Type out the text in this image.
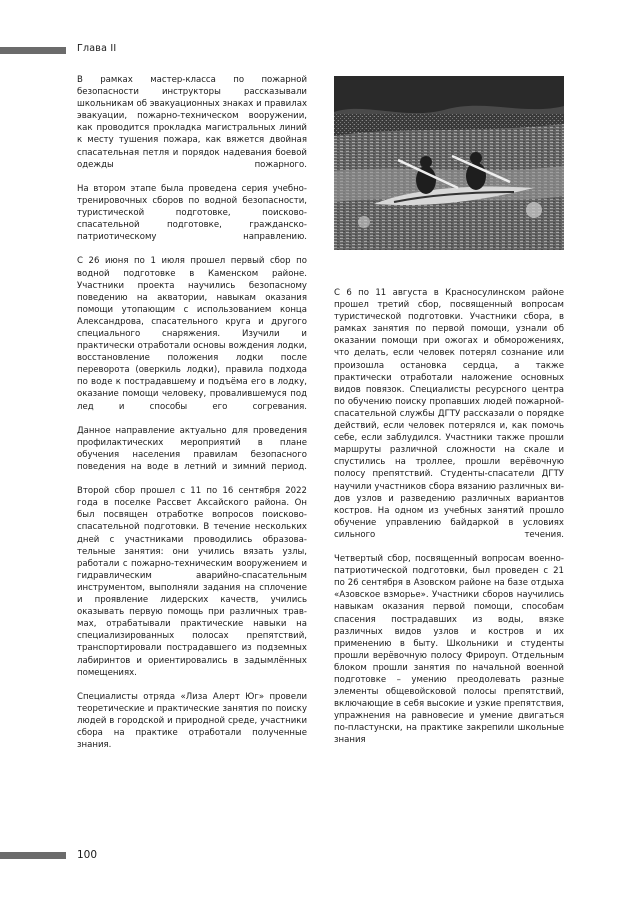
Глава II

В рамках мастер-класса по пожарной безопасности инструкторы рассказывали школьникам об эвакуационных знаках и правилах эвакуации, пожарно-техническом вооружении, как проводится прокладка магистральных линий к месту тушения пожара, как вяжется двойная спасательная петля и порядок надевания боевой одежды пожарного.

На втором этапе была проведена серия учебно-тренировочных сборов по водной безопасности, туристической подготовке, поисково-спасательной подготовке, гражданско-патриотическому направлению.

С 26 июня по 1 июля прошел первый сбор по водной подготовке в Каменском районе. Участники проекта научились безопасному поведению на акватории, навыкам оказания помощи утопающим с использованием конца Александрова, спасательного круга и другого специального снаряжения. Изучили и практически отработали основы вождения лодки, восстановление положения лодки после переворота (оверкиль лодки), правила подхода по воде к пострадавшему и подъёма его в лодку, оказание помощи человеку, провалившeмуся под лед и способы его согревания.

Данное направление актуально для проведения профилактических мероприятий в плане обучения населения правилам безопасного поведения на воде в летний и зимний период.

Второй сбор прошел с 11 по 16 сентября 2022 года в поселке Рассвет Аксайского района. Он был посвящен отработке вопросов поисково-спасательной подготовки. В течение нескольких дней с участниками проводились образовательные занятия: они учились вязать узлы, работали с пожарно-техническим вооружением и гидравлическим аварийно-спасательным инструментом, выполняли задания на сплочение и проявление лидерских качеств, учились оказывать первую помощь при различных травмах, отрабатывали практические навыки на специализированных полосах препятствий, транспортировали пострадавшего из подземных лабиринтов и ориентировались в задымлённых помещениях.

Специалисты отряда «Лиза Алерт Юг» провели теоретические и практические занятия по поиску людей в городской и природной среде, участники сбора на практике отработали полученные знания.

С 6 по 11 августа в Красносулинском районе прошел третий сбор, посвященный вопросам туристической подготовки. Участники сбора, в рамках занятия по первой помощи, узнали об оказании помощи при ожогах и обморожениях, что делать, если человек потерял сознание или произошла остановка сердца, а также практически отработали наложение основных видов повязок. Специалисты ресурсного центра по обучению поиску пропавших людей пожарной-спасательной службы ДГТУ рассказали о порядке действий, если человек потерялся и, как помочь себе, если заблудился. Участники также прошли маршруты различной сложности на скале и спустились на троллее, прошли верёвочную полосу препятствий. Студенты-спасатели ДГТУ научили участников сбора вязанию различных видов узлов и разведению различных вариантов костров. На одном из учебных занятий прошло обучение управлению байдаркой в условиях сильного течения.

Четвертый сбор, посвященный вопросам военно-патриотической подготовки, был проведен с 21 по 26 сентября в Азовском районе на базе отдыха «Азовское взморье». Участники сборов научились навыкам оказания первой помощи, способам спасения пострадавших из воды, вязке различных видов узлов и костров и их применению в быту. Школьники и студенты прошли верёвочную полосу Фрироуп. Отдельным блоком прошли занятия по начальной военной подготовке – умению преодолевать разные элементы общевойсковой полосы препятствий, включающие в себя высокие и узкие препятствия, упражнения на равновесие и умение двигаться по-пластунски, на практике закрепили школьные знания

100
